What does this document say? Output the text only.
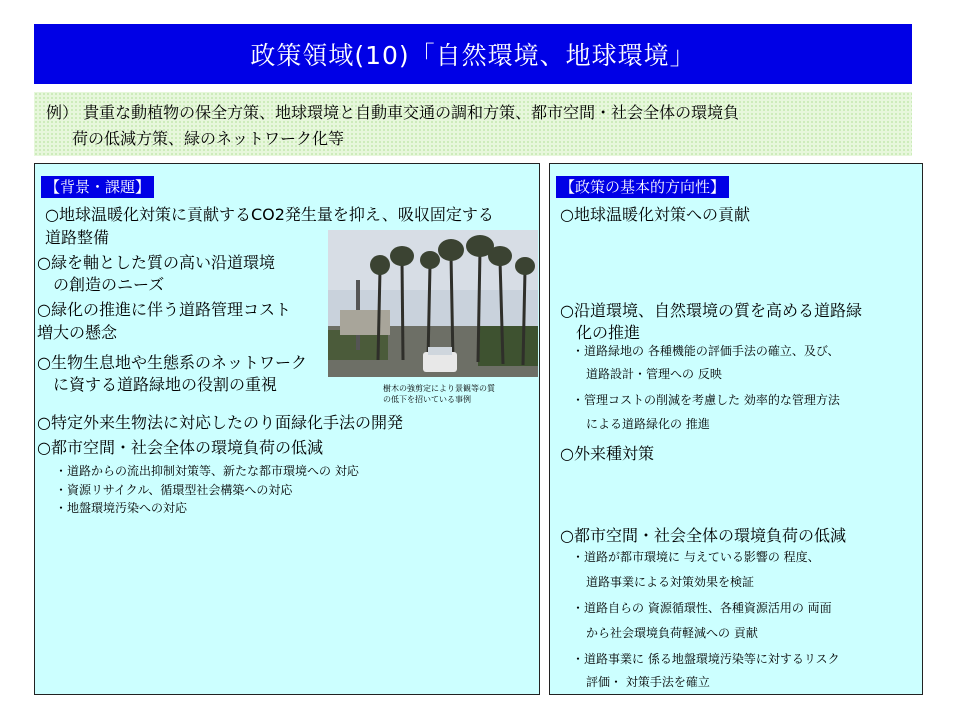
政策領域(10)「自然環境、地球環境」
例） 貴重な動植物の保全方策、地球環境と自動車交通の調和方策、都市空間・社会全体の環境負
荷の低減方策、緑のネットワーク化等
【背景・課題】
○地球温暖化対策に貢献するCO2発生量を抑え、吸収固定する
道路整備
○緑を軸とした質の高い沿道環境
の創造のニーズ
○緑化の推進に伴う道路管理コスト
増大の懸念
○生物生息地や生態系のネットワーク
に資する道路緑地の役割の重視
○特定外来生物法に対応したのり面緑化手法の開発
○都市空間・社会全体の環境負荷の低減
・道路からの流出抑制対策等、新たな都市環境への 対応
・資源リサイクル、循環型社会構築への対応
・地盤環境汚染への対応
樹木の強剪定により景観等の質
の低下を招いている事例
【政策の基本的方向性】
○地球温暖化対策への貢献
○沿道環境、自然環境の質を高める道路緑
化の推進
・道路緑地の 各種機能の評価手法の確立、及び、
道路設計・管理への 反映
・管理コストの削減を考慮した 効率的な管理方法
による道路緑化の 推進
○外来種対策
○都市空間・社会全体の環境負荷の低減
・道路が都市環境に 与えている影響の 程度、
道路事業による対策効果を検証
・道路自らの 資源循環性、各種資源活用の 両面
から社会環境負荷軽減への 貢献
・道路事業に 係る地盤環境汚染等に対するリスク
評価・ 対策手法を確立
